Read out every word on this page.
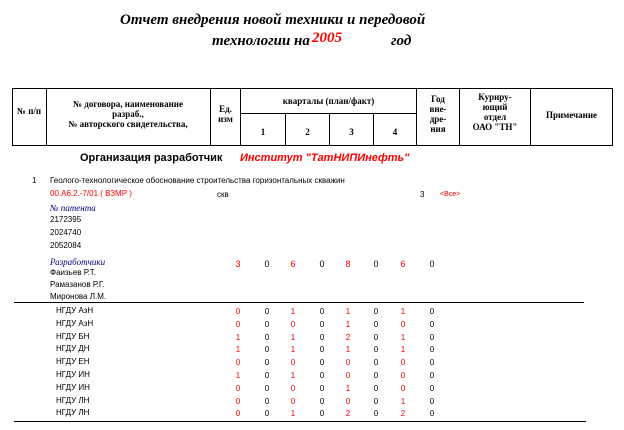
Отчет внедрения новой техники и передовой
технологии на 2005	год
№ п/п
№ договора, наименование
разраб.,
№ авторского свидетельства,
Ед.
изм
кварталы (план/факт)
1	2	3	4
Год
вне-
дре-
ния
Куриру-
ющий
отдел
ОАО "ТН"
Примечание
Организация разработчик Институт "ТатНИПИнефть"
1 Геолого-технологическое обоснование строительства горизонтальных скважин
00.А6.2.-7/01 ( ВЗМР )	скв	3 <Все>
№ патента
2172395
2024740
2052084
Разработчики
Фаизьев Р.Т.
Рамазанов Р.Г.
Миронова Л.М.
3	0	6	0	8	0	6	0
НГДУ АзН	0	0	1	0	1	0	1	0
НГДУ АзН	0	0	0	0	1	0	0	0
НГДУ БН	1	0	1	0	2	0	1	0
НГДУ ДН	1	0	1	0	1	0	1	0
НГДУ ЕН	0	0	0	0	0	0	0	0
НГДУ ИН	1	0	1	0	0	0	0	0
НГДУ ИН	0	0	0	0	1	0	0	0
НГДУ ЛН	0	0	0	0	0	0	1	0
НГДУ ЛН	0	0	1	0	2	0	2	0
